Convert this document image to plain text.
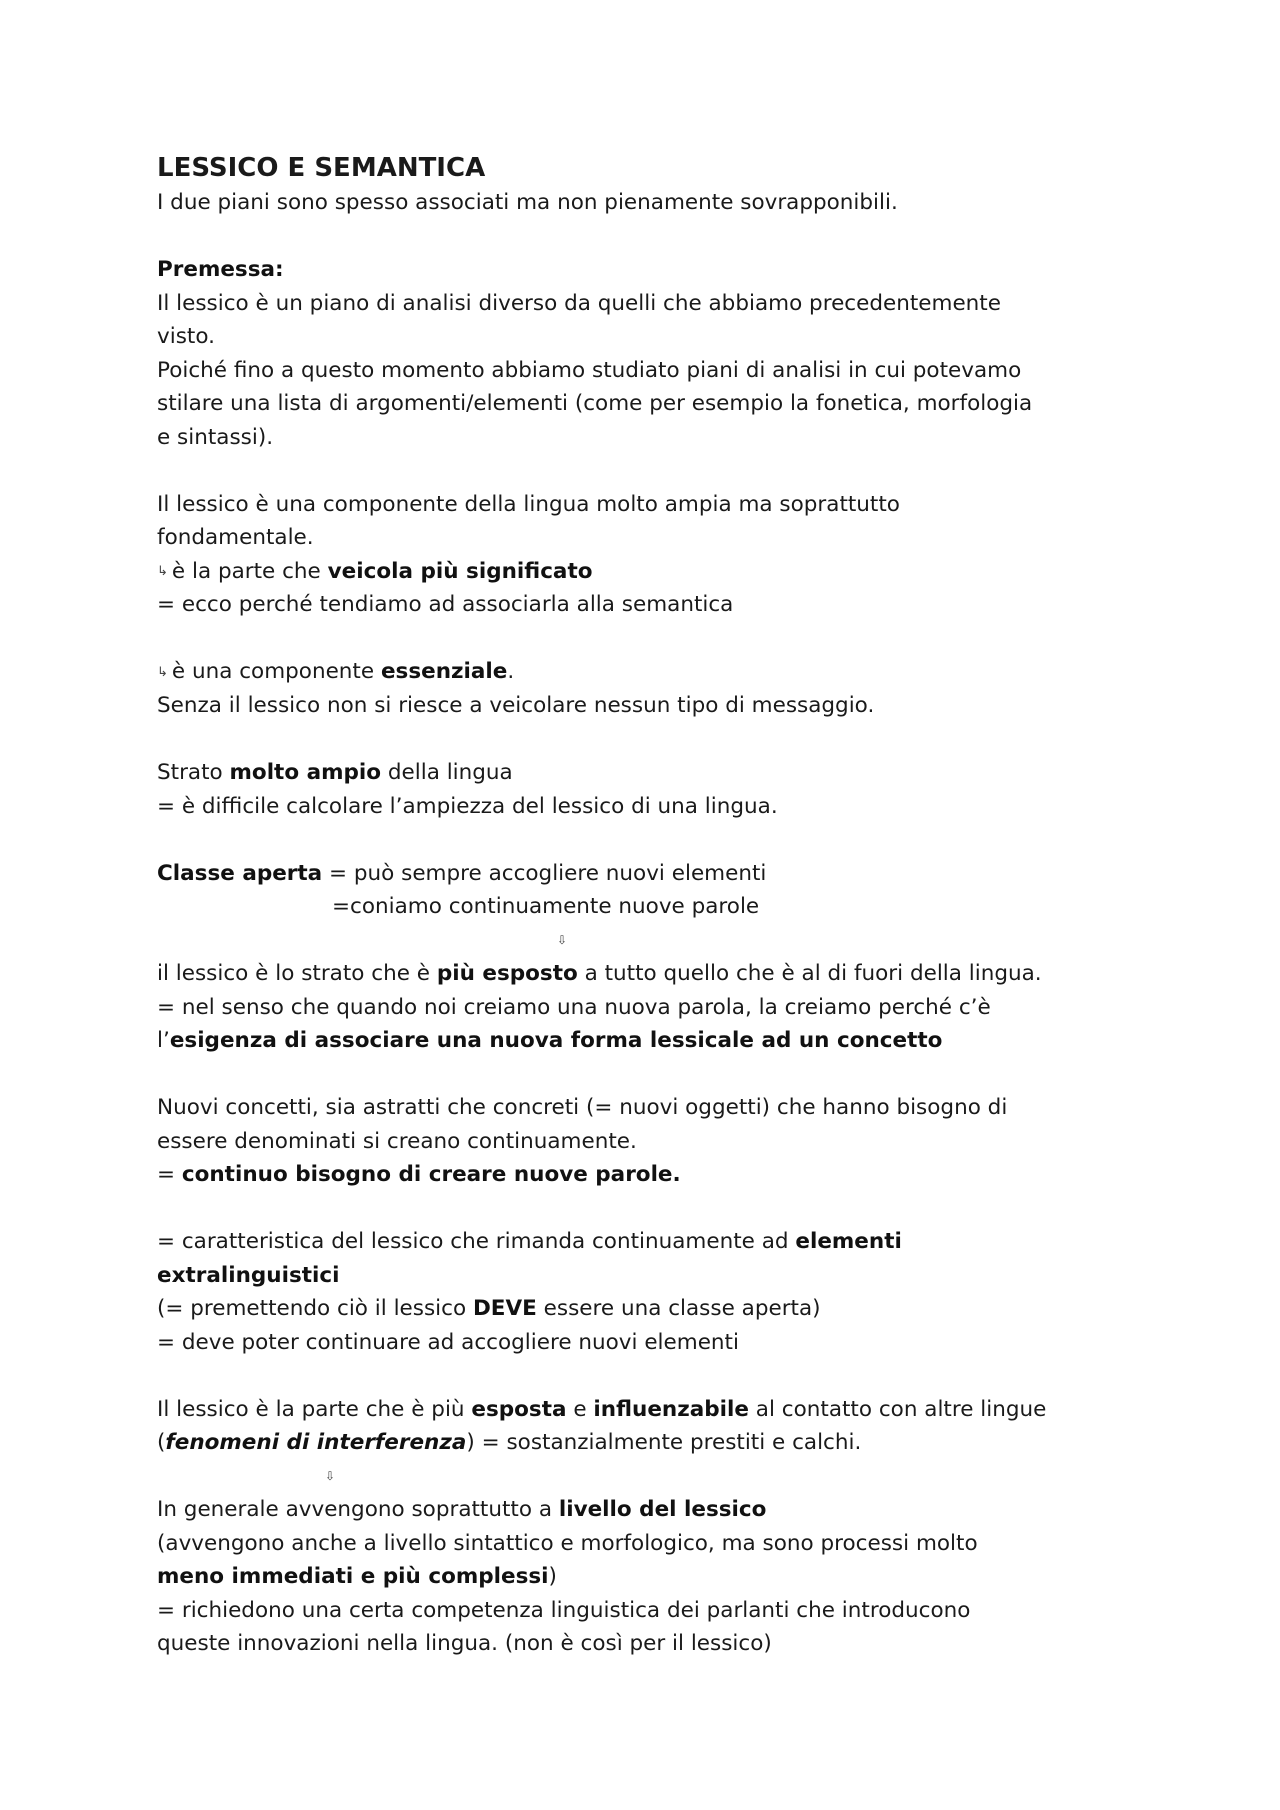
LESSICO E SEMANTICA
I due piani sono spesso associati ma non pienamente sovrapponibili.
Premessa:
Il lessico è un piano di analisi diverso da quelli che abbiamo precedentemente
visto.
Poiché fino a questo momento abbiamo studiato piani di analisi in cui potevamo
stilare una lista di argomenti/elementi (come per esempio la fonetica, morfologia
e sintassi).
Il lessico è una componente della lingua molto ampia ma soprattutto
fondamentale.
↳ è la parte che veicola più significato
= ecco perché tendiamo ad associarla alla semantica
↳ è una componente essenziale.
Senza il lessico non si riesce a veicolare nessun tipo di messaggio.
Strato molto ampio della lingua
= è difficile calcolare l’ampiezza del lessico di una lingua.
Classe aperta = può sempre accogliere nuovi elementi
=coniamo continuamente nuove parole
⇩
il lessico è lo strato che è più esposto a tutto quello che è al di fuori della lingua.
= nel senso che quando noi creiamo una nuova parola, la creiamo perché c’è
l’esigenza di associare una nuova forma lessicale ad un concetto
Nuovi concetti, sia astratti che concreti (= nuovi oggetti) che hanno bisogno di
essere denominati si creano continuamente.
= continuo bisogno di creare nuove parole.
= caratteristica del lessico che rimanda continuamente ad elementi
extralinguistici
(= premettendo ciò il lessico DEVE essere una classe aperta)
= deve poter continuare ad accogliere nuovi elementi
Il lessico è la parte che è più esposta e influenzabile al contatto con altre lingue
(fenomeni di interferenza) = sostanzialmente prestiti e calchi.
⇩
In generale avvengono soprattutto a livello del lessico
(avvengono anche a livello sintattico e morfologico, ma sono processi molto
meno immediati e più complessi)
= richiedono una certa competenza linguistica dei parlanti che introducono
queste innovazioni nella lingua. (non è così per il lessico)
